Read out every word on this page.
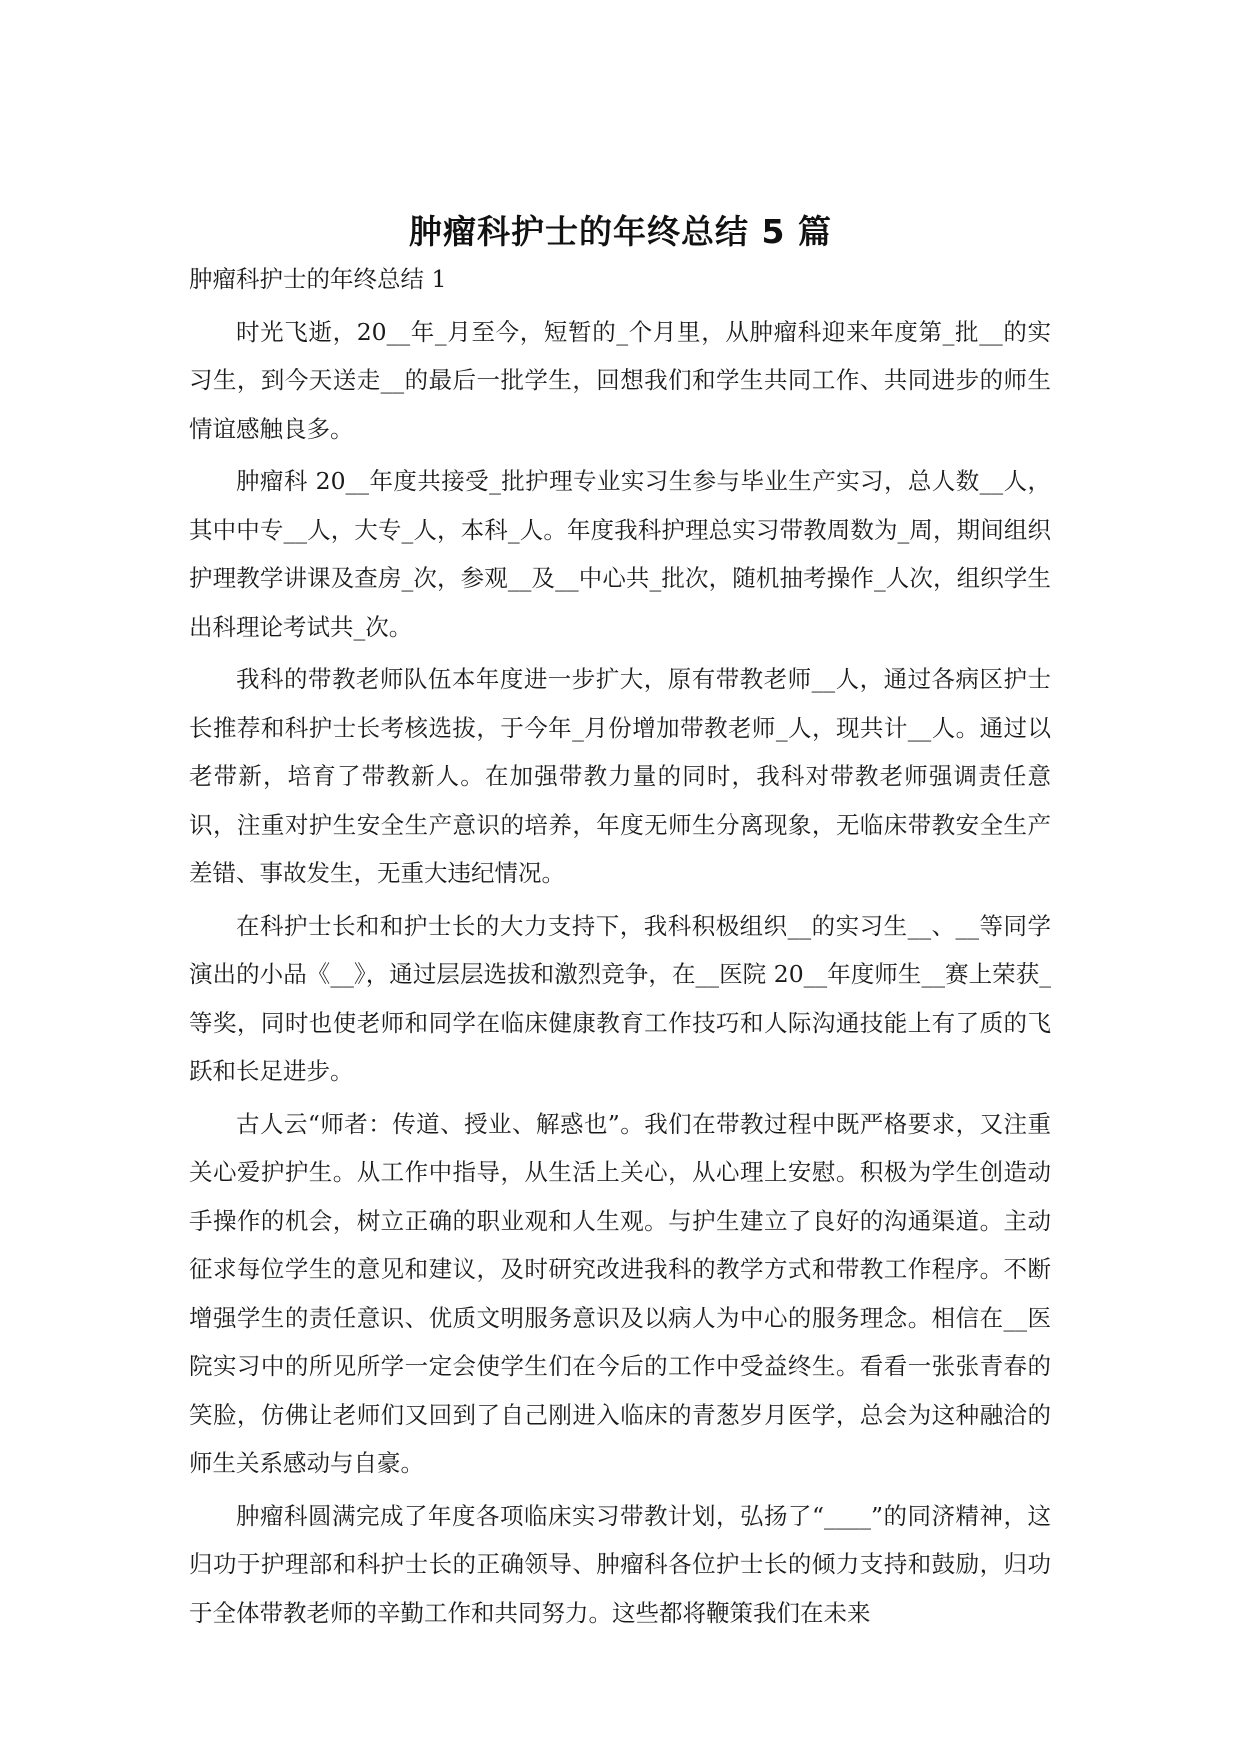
肿瘤科护士的年终总结 5 篇

肿瘤科护士的年终总结 1

时光飞逝，20__年_月至今，短暂的_个月里，从肿瘤科迎来年度第_批__的实习生，到今天送走__的最后一批学生，回想我们和学生共同工作、共同进步的师生情谊感触良多。

肿瘤科 20__年度共接受_批护理专业实习生参与毕业生产实习，总人数__人，其中中专__人，大专_人，本科_人。年度我科护理总实习带教周数为_周，期间组织护理教学讲课及查房_次，参观__及__中心共_批次，随机抽考操作_人次，组织学生出科理论考试共_次。

我科的带教老师队伍本年度进一步扩大，原有带教老师__人，通过各病区护士长推荐和科护士长考核选拔，于今年_月份增加带教老师_人，现共计__人。通过以老带新，培育了带教新人。在加强带教力量的同时，我科对带教老师强调责任意识，注重对护生安全生产意识的培养，年度无师生分离现象，无临床带教安全生产差错、事故发生，无重大违纪情况。

在科护士长和和护士长的大力支持下，我科积极组织__的实习生__、__等同学演出的小品《__》，通过层层选拔和激烈竞争，在__医院 20__年度师生__赛上荣获_等奖，同时也使老师和同学在临床健康教育工作技巧和人际沟通技能上有了质的飞跃和长足进步。

古人云“师者：传道、授业、解惑也”。我们在带教过程中既严格要求，又注重关心爱护护生。从工作中指导，从生活上关心，从心理上安慰。积极为学生创造动手操作的机会，树立正确的职业观和人生观。与护生建立了良好的沟通渠道。主动征求每位学生的意见和建议，及时研究改进我科的教学方式和带教工作程序。不断增强学生的责任意识、优质文明服务意识及以病人为中心的服务理念。相信在__医院实习中的所见所学一定会使学生们在今后的工作中受益终生。看看一张张青春的笑脸，仿佛让老师们又回到了自己刚进入临床的青葱岁月医学，总会为这种融洽的师生关系感动与自豪。

肿瘤科圆满完成了年度各项临床实习带教计划，弘扬了“____”的同济精神，这归功于护理部和科护士长的正确领导、肿瘤科各位护士长的倾力支持和鼓励，归功于全体带教老师的辛勤工作和共同努力。这些都将鞭策我们在未来
